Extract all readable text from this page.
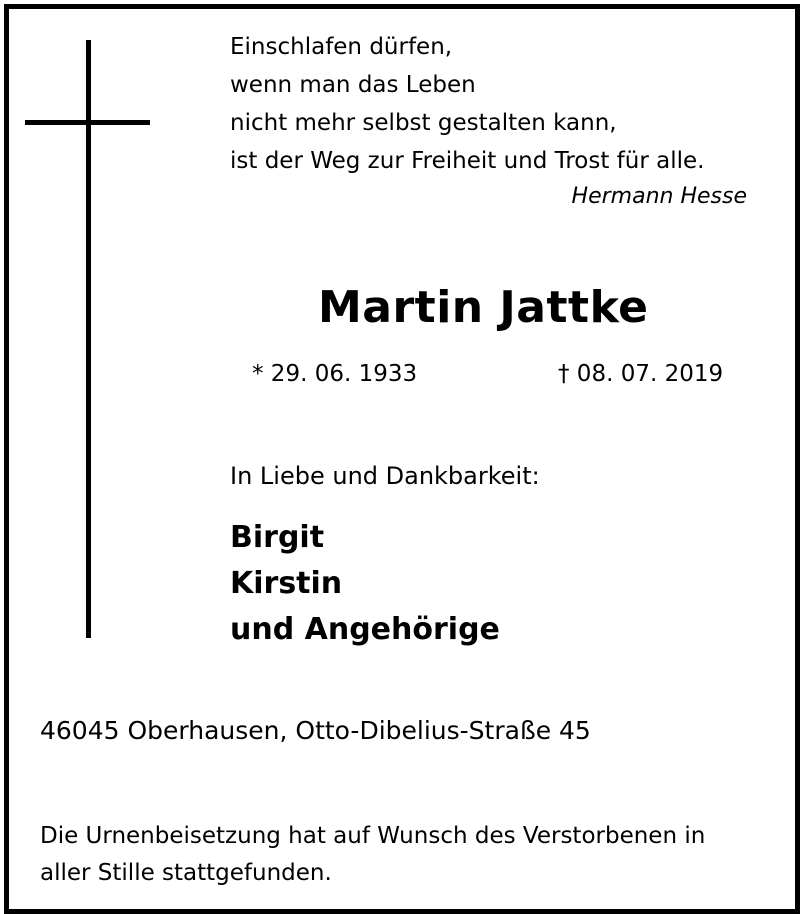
Einschlafen dürfen,
wenn man das Leben
nicht mehr selbst gestalten kann,
ist der Weg zur Freiheit und Trost für alle.
Hermann Hesse
Martin Jattke
* 29. 06. 1933	† 08. 07. 2019
In Liebe und Dankbarkeit:
Birgit
Kirstin
und Angehörige
46045 Oberhausen, Otto-Dibelius-Straße 45
Die Urnenbeisetzung hat auf Wunsch des Verstorbenen in
aller Stille stattgefunden.
